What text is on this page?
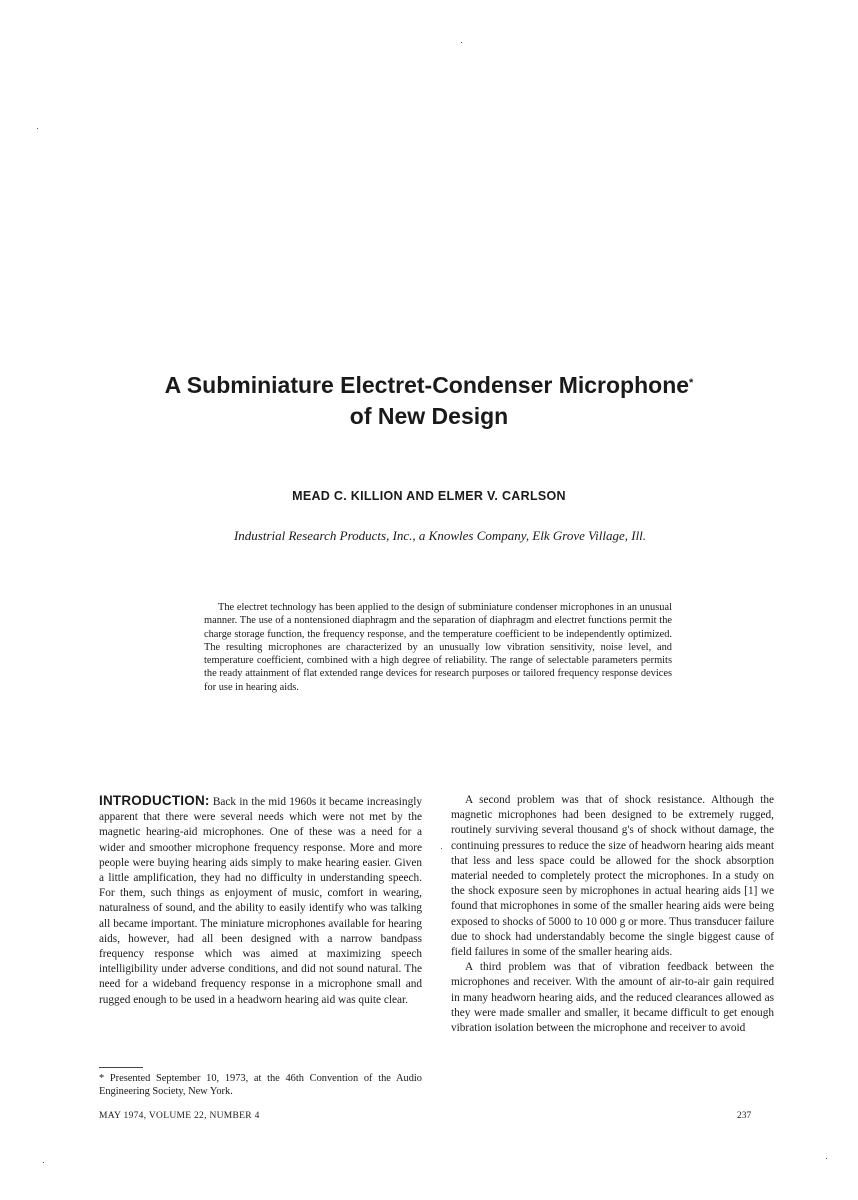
A Subminiature Electret-Condenser Microphone*
of New Design
MEAD C. KILLION AND ELMER V. CARLSON
Industrial Research Products, Inc., a Knowles Company, Elk Grove Village, Ill.

The electret technology has been applied to the design of subminiature condenser microphones in an unusual manner. The use of a nontensioned diaphragm and the separation of diaphragm and electret functions permit the charge storage function, the frequency response, and the temperature coefficient to be independently optimized. The resulting microphones are characterized by an unusually low vibration sensitivity, noise level, and temperature coefficient, combined with a high degree of reliability. The range of selectable parameters permits the ready attainment of flat extended range devices for research purposes or tailored frequency response devices for use in hearing aids.

INTRODUCTION: Back in the mid 1960s it became increasingly apparent that there were several needs which were not met by the magnetic hearing-aid microphones. One of these was a need for a wider and smoother microphone frequency response. More and more people were buying hearing aids simply to make hearing easier. Given a little amplification, they had no difficulty in understanding speech. For them, such things as enjoyment of music, comfort in wearing, naturalness of sound, and the ability to easily identify who was talking all became important. The miniature microphones available for hearing aids, however, had all been designed with a narrow bandpass frequency response which was aimed at maximizing speech intelligibility under adverse conditions, and did not sound natural. The need for a wideband frequency response in a microphone small and rugged enough to be used in a headworn hearing aid was quite clear.

A second problem was that of shock resistance. Although the magnetic microphones had been designed to be extremely rugged, routinely surviving several thousand g's of shock without damage, the continuing pressures to reduce the size of headworn hearing aids meant that less and less space could be allowed for the shock absorption material needed to completely protect the microphones. In a study on the shock exposure seen by microphones in actual hearing aids [1] we found that microphones in some of the smaller hearing aids were being exposed to shocks of 5000 to 10 000 g or more. Thus transducer failure due to shock had understandably become the single biggest cause of field failures in some of the smaller hearing aids.

A third problem was that of vibration feedback between the microphones and receiver. With the amount of air-to-air gain required in many headworn hearing aids, and the reduced clearances allowed as they were made smaller and smaller, it became difficult to get enough vibration isolation between the microphone and receiver to avoid

* Presented September 10, 1973, at the 46th Convention of the Audio Engineering Society, New York.
MAY 1974, VOLUME 22, NUMBER 4	237
